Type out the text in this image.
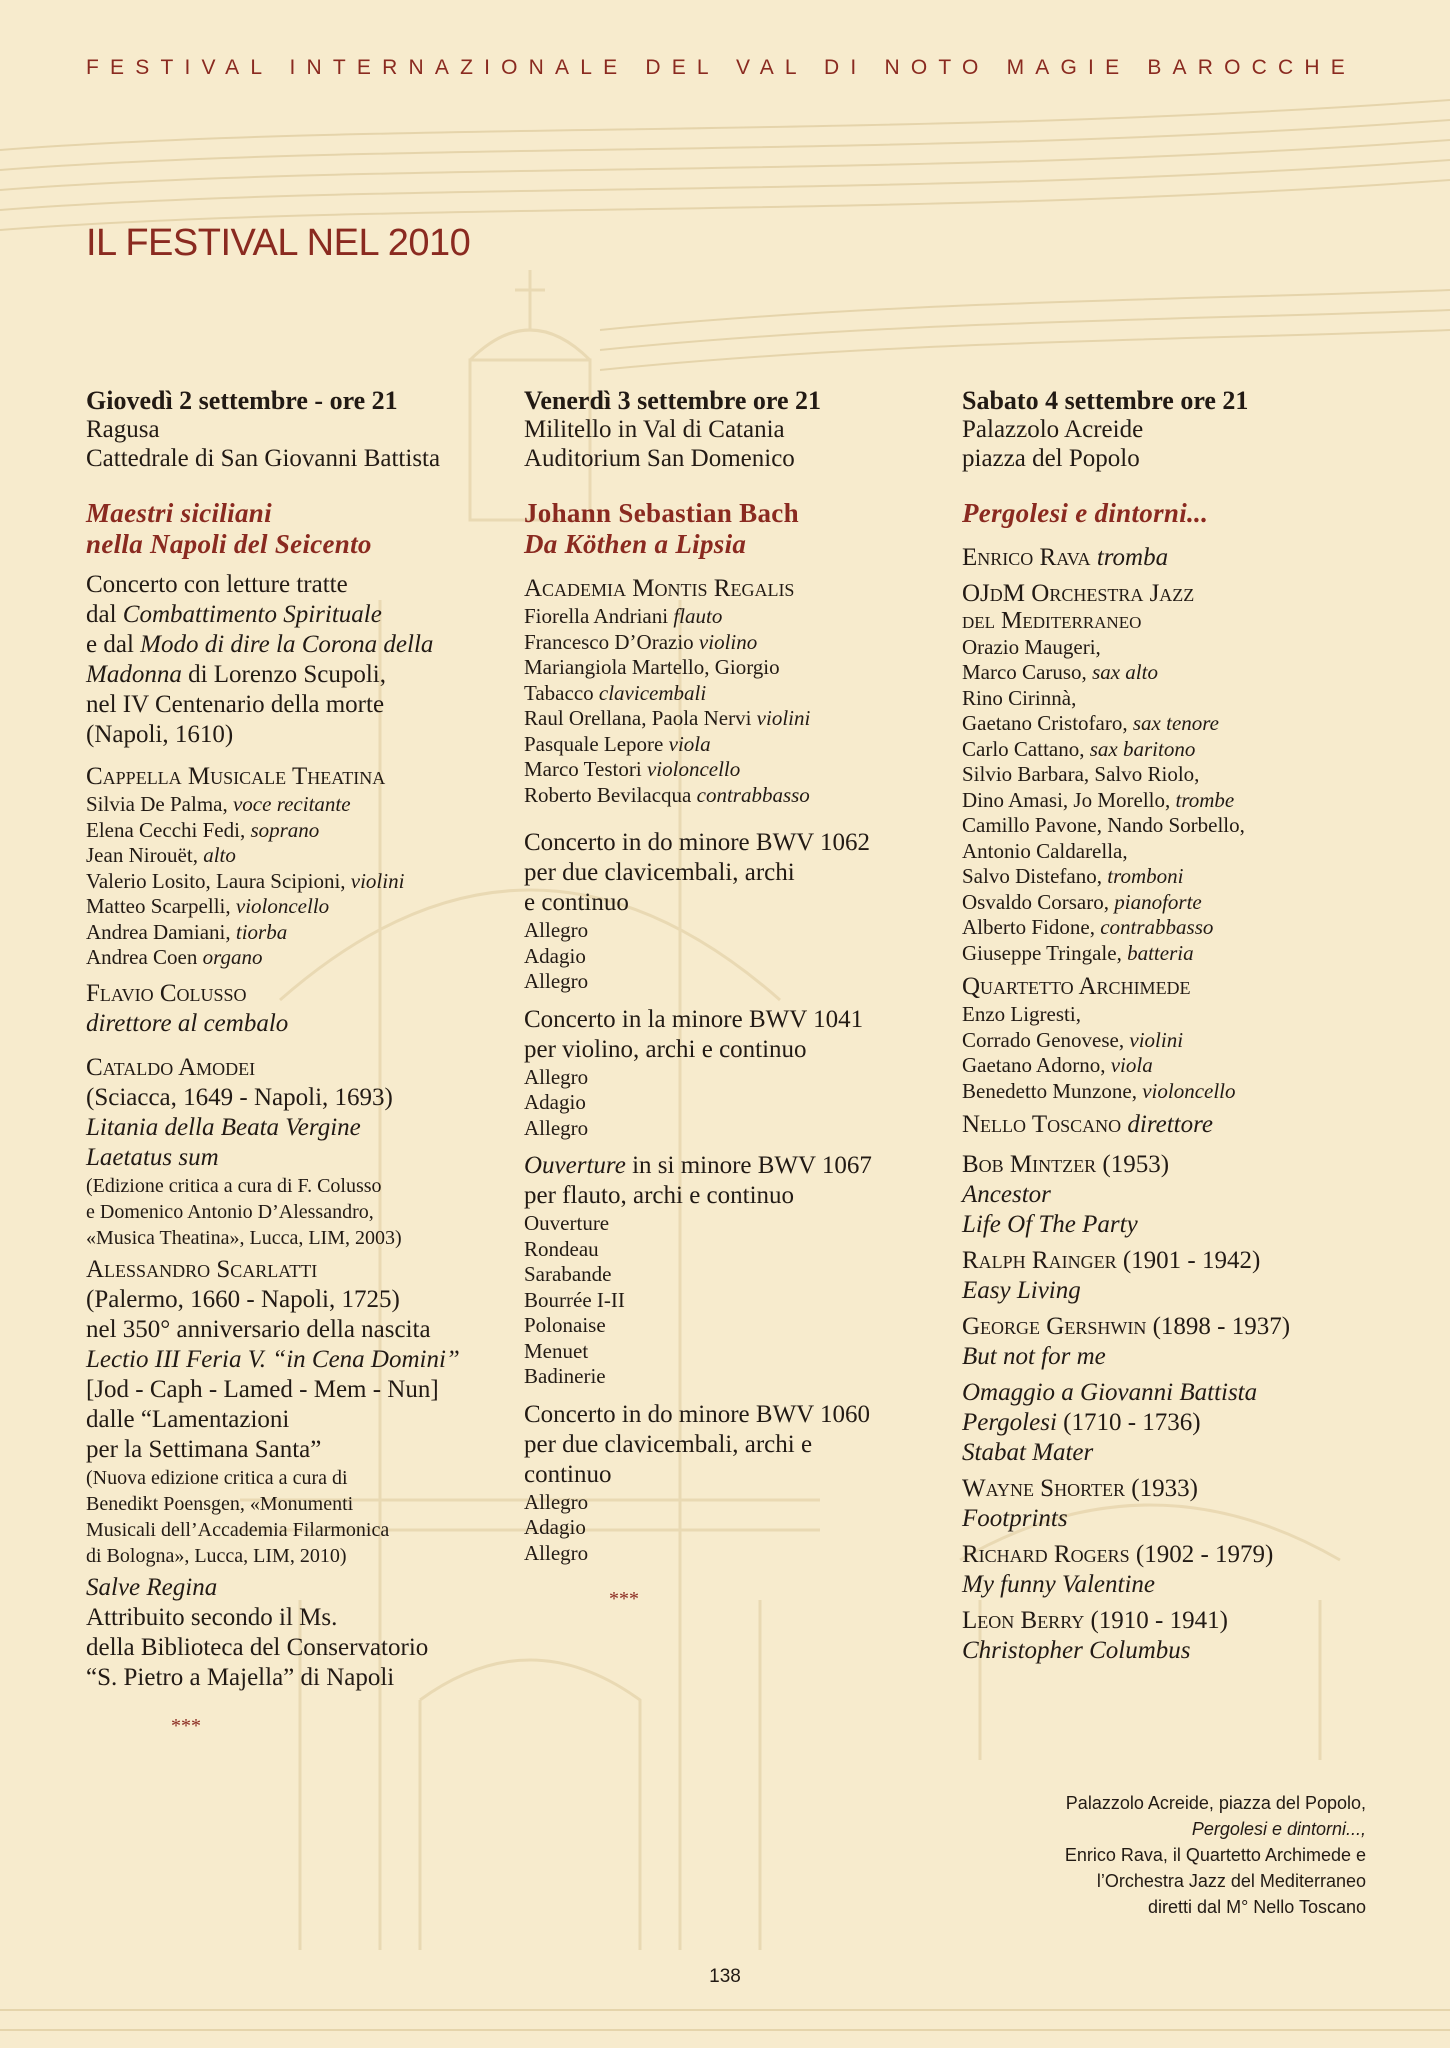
FESTIVAL INTERNAZIONALE DEL VAL DI NOTO MAGIE BAROCCHE
IL FESTIVAL NEL 2010
Giovedì 2 settembre - ore 21
Ragusa
Cattedrale di San Giovanni Battista
Maestri siciliani
nella Napoli del Seicento
Concerto con letture tratte
dal Combattimento Spirituale
e dal Modo di dire la Corona della
Madonna di Lorenzo Scupoli,
nel IV Centenario della morte
(Napoli, 1610)
Cappella Musicale Theatina
Silvia De Palma, voce recitante
Elena Cecchi Fedi, soprano
Jean Nirouët, alto
Valerio Losito, Laura Scipioni, violini
Matteo Scarpelli, violoncello
Andrea Damiani, tiorba
Andrea Coen organo
Flavio Colusso
direttore al cembalo
Cataldo Amodei
(Sciacca, 1649 - Napoli, 1693)
Litania della Beata Vergine
Laetatus sum
(Edizione critica a cura di F. Colusso
e Domenico Antonio D’Alessandro,
«Musica Theatina», Lucca, LIM, 2003)
Alessandro Scarlatti
(Palermo, 1660 - Napoli, 1725)
nel 350° anniversario della nascita
Lectio III Feria V. “in Cena Domini”
[Jod - Caph - Lamed - Mem - Nun]
dalle “Lamentazioni
per la Settimana Santa”
(Nuova edizione critica a cura di
Benedikt Poensgen, «Monumenti
Musicali dell’Accademia Filarmonica
di Bologna», Lucca, LIM, 2010)
Salve Regina
Attribuito secondo il Ms.
della Biblioteca del Conservatorio
“S. Pietro a Majella” di Napoli
***
Venerdì 3 settembre ore 21
Militello in Val di Catania
Auditorium San Domenico
Johann Sebastian Bach
Da Köthen a Lipsia
Academia Montis Regalis
Fiorella Andriani flauto
Francesco D’Orazio violino
Mariangiola Martello, Giorgio
Tabacco clavicembali
Raul Orellana, Paola Nervi violini
Pasquale Lepore viola
Marco Testori violoncello
Roberto Bevilacqua contrabbasso
Concerto in do minore BWV 1062
per due clavicembali, archi
e continuo
Allegro
Adagio
Allegro
Concerto in la minore BWV 1041
per violino, archi e continuo
Allegro
Adagio
Allegro
Ouverture in si minore BWV 1067
per flauto, archi e continuo
Ouverture
Rondeau
Sarabande
Bourrée I-II
Polonaise
Menuet
Badinerie
Concerto in do minore BWV 1060
per due clavicembali, archi e
continuo
Allegro
Adagio
Allegro
***
Sabato 4 settembre ore 21
Palazzolo Acreide
piazza del Popolo
Pergolesi e dintorni...
Enrico Rava tromba
OJdM Orchestra Jazz
del Mediterraneo
Orazio Maugeri,
Marco Caruso, sax alto
Rino Cirinnà,
Gaetano Cristofaro, sax tenore
Carlo Cattano, sax baritono
Silvio Barbara, Salvo Riolo,
Dino Amasi, Jo Morello, trombe
Camillo Pavone, Nando Sorbello,
Antonio Caldarella,
Salvo Distefano, tromboni
Osvaldo Corsaro, pianoforte
Alberto Fidone, contrabbasso
Giuseppe Tringale, batteria
Quartetto Archimede
Enzo Ligresti,
Corrado Genovese, violini
Gaetano Adorno, viola
Benedetto Munzone, violoncello
Nello Toscano direttore
Bob Mintzer (1953)
Ancestor
Life Of The Party
Ralph Rainger (1901 - 1942)
Easy Living
George Gershwin (1898 - 1937)
But not for me
Omaggio a Giovanni Battista
Pergolesi (1710 - 1736)
Stabat Mater
Wayne Shorter (1933)
Footprints
Richard Rogers (1902 - 1979)
My funny Valentine
Leon Berry (1910 - 1941)
Christopher Columbus
Palazzolo Acreide, piazza del Popolo,
Pergolesi e dintorni...,
Enrico Rava, il Quartetto Archimede e
l’Orchestra Jazz del Mediterraneo
diretti dal M° Nello Toscano
138
